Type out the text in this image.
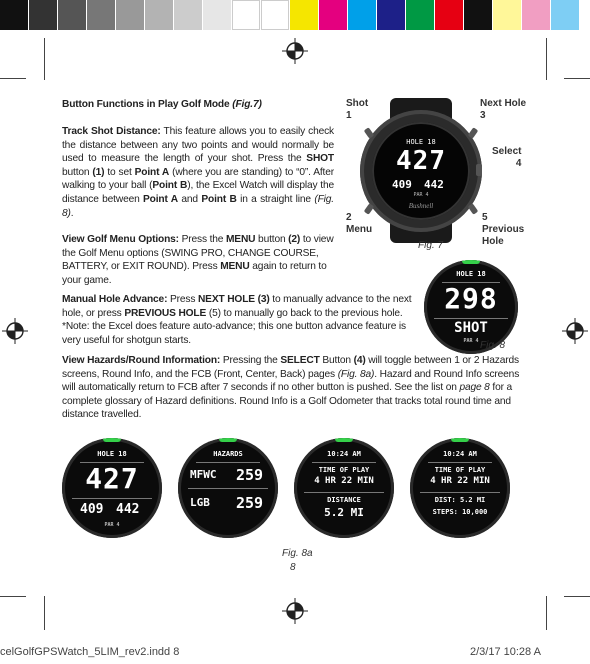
Button Functions in Play Golf Mode (Fig.7)
Track Shot Distance: This feature allows you to easily check the distance between any two points and would normally be used to measure the length of your shot. Press the SHOT button (1) to set Point A (where you are standing) to “0”. After walking to your ball (Point B), the Excel Watch will display the distance between Point A and Point B in a straight line (Fig. 8).
View Golf Menu Options: Press the MENU button (2) to view the Golf Menu options (SWING PRO, CHANGE COURSE, BATTERY, or EXIT ROUND). Press MENU again to return to your game.
Manual Hole Advance: Press NEXT HOLE (3) to manually advance to the next hole, or press PREVIOUS HOLE (5) to manually go back to the previous hole. *Note: the Excel does feature auto-advance; this one button advance feature is very useful for shotgun starts.
View Hazards/Round Information: Pressing the SELECT Button (4) will toggle between 1 or 2 Hazards screens, Round Info, and the FCB (Front, Center, Back) pages (Fig. 8a). Hazard and Round Info screens will automatically return to FCB after 7 seconds if no other button is pushed. See the list on page 8 for a complete glossary of Hazard definitions. Round Info is a Golf Odometer that tracks total round time and distance travelled.
HOLE 18
427
409 442
PAR 4
Bushnell
Shot
1
2
Menu
Next Hole
3
Select
4
5
Previous
Hole
Fig. 7
HOLE 18
298
SHOT
PAR 4 Fig. 8
HOLE 18
427
409 442
PAR 4
HAZARDS
MFWC 259
LGB 259
10:24 AM
TIME OF PLAY
4 HR 22 MIN
DISTANCE
5.2 MI
10:24 AM
TIME OF PLAY
4 HR 22 MIN
DIST: 5.2 MI
STEPS: 10,000
Fig. 8a
8
celGolfGPSWatch_5LIM_rev2.indd 8	2/3/17 10:28 A
